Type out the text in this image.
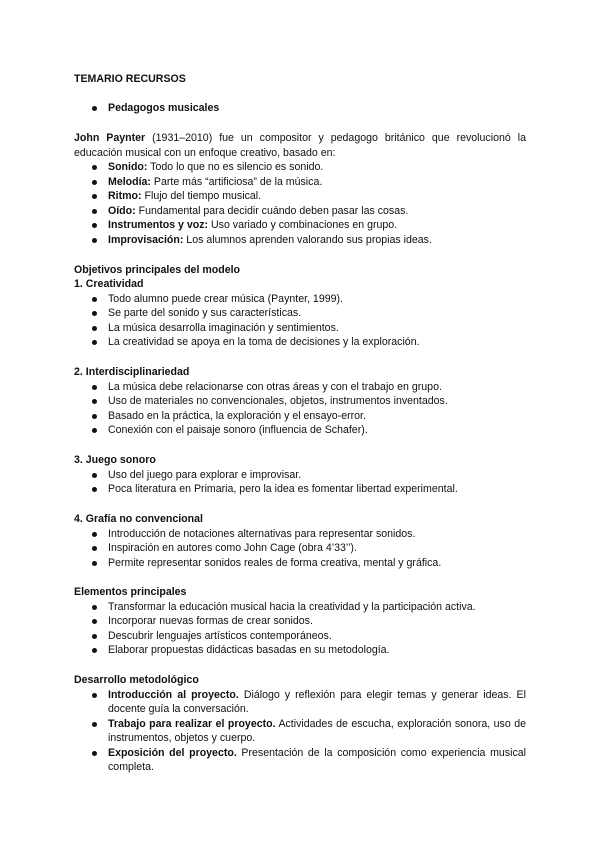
TEMARIO RECURSOS
Pedagogos musicales
John Paynter (1931–2010) fue un compositor y pedagogo británico que revolucionó la educación musical con un enfoque creativo, basado en:
Sonido: Todo lo que no es silencio es sonido.
Melodía: Parte más “artificiosa” de la música.
Ritmo: Flujo del tiempo musical.
Oído: Fundamental para decidir cuándo deben pasar las cosas.
Instrumentos y voz: Uso variado y combinaciones en grupo.
Improvisación: Los alumnos aprenden valorando sus propias ideas.
Objetivos principales del modelo
1. Creatividad
Todo alumno puede crear música (Paynter, 1999).
Se parte del sonido y sus características.
La música desarrolla imaginación y sentimientos.
La creatividad se apoya en la toma de decisiones y la exploración.
2. Interdisciplinariedad
La música debe relacionarse con otras áreas y con el trabajo en grupo.
Uso de materiales no convencionales, objetos, instrumentos inventados.
Basado en la práctica, la exploración y el ensayo-error.
Conexión con el paisaje sonoro (influencia de Schafer).
3. Juego sonoro
Uso del juego para explorar e improvisar.
Poca literatura en Primaria, pero la idea es fomentar libertad experimental.
4. Grafía no convencional
Introducción de notaciones alternativas para representar sonidos.
Inspiración en autores como John Cage (obra 4’33’’).
Permite representar sonidos reales de forma creativa, mental y gráfica.
Elementos principales
Transformar la educación musical hacia la creatividad y la participación activa.
Incorporar nuevas formas de crear sonidos.
Descubrir lenguajes artísticos contemporáneos.
Elaborar propuestas didácticas basadas en su metodología.
Desarrollo metodológico
Introducción al proyecto. Diálogo y reflexión para elegir temas y generar ideas. El docente guía la conversación.
Trabajo para realizar el proyecto. Actividades de escucha, exploración sonora, uso de instrumentos, objetos y cuerpo.
Exposición del proyecto. Presentación de la composición como experiencia musical completa.
